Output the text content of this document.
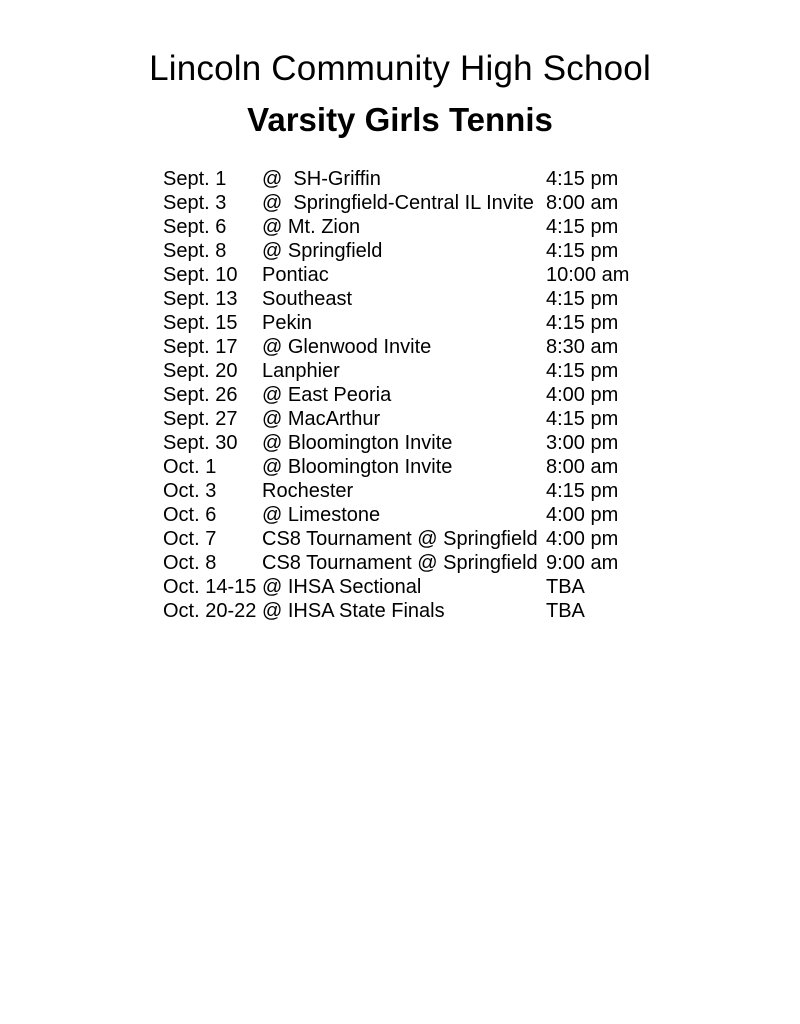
Lincoln Community High School
Varsity Girls Tennis
Sept. 1	@  SH-Griffin	4:15 pm
Sept. 3	@  Springfield-Central IL Invite 8:00 am
Sept. 6	@ Mt. Zion	4:15 pm
Sept. 8	@ Springfield	4:15 pm
Sept. 10	Pontiac	10:00 am
Sept. 13	Southeast	4:15 pm
Sept. 15	Pekin	4:15 pm
Sept. 17	@ Glenwood Invite	8:30 am
Sept. 20	Lanphier	4:15 pm
Sept. 26	@ East Peoria	4:00 pm
Sept. 27	@ MacArthur	4:15 pm
Sept. 30	@ Bloomington Invite	3:00 pm
Oct. 1	@ Bloomington Invite	8:00 am
Oct. 3	Rochester	4:15 pm
Oct. 6	@ Limestone	4:00 pm
Oct. 7	CS8 Tournament @ Springfield 4:00 pm
Oct. 8	CS8 Tournament @ Springfield 9:00 am
Oct. 14-15 @ IHSA Sectional	TBA
Oct. 20-22 @ IHSA State Finals	TBA
